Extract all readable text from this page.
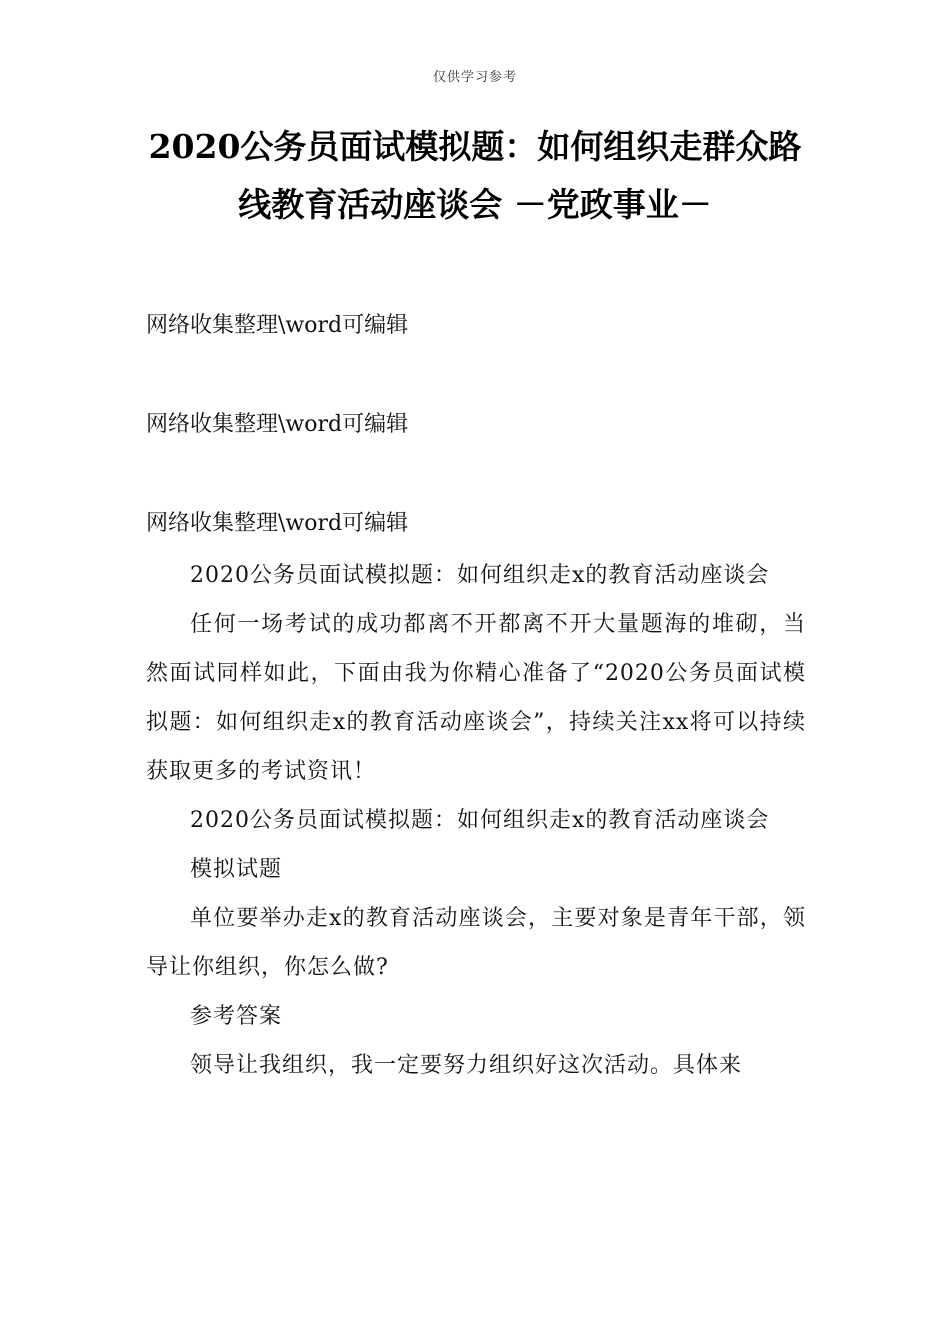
仅供学习参考
2020公务员面试模拟题：如何组织走群众路
线教育活动座谈会 －党政事业－
网络收集整理\word可编辑
网络收集整理\word可编辑
网络收集整理\word可编辑

2020公务员面试模拟题：如何组织走x的教育活动座谈会

任何一场考试的成功都离不开都离不开大量题海的堆砌，当然面试同样如此，下面由我为你精心准备了“2020公务员面试模拟题：如何组织走x的教育活动座谈会”，持续关注xx将可以持续获取更多的考试资讯！

2020公务员面试模拟题：如何组织走x的教育活动座谈会

模拟试题

单位要举办走x的教育活动座谈会，主要对象是青年干部，领导让你组织，你怎么做?

参考答案

领导让我组织，我一定要努力组织好这次活动。具体来
